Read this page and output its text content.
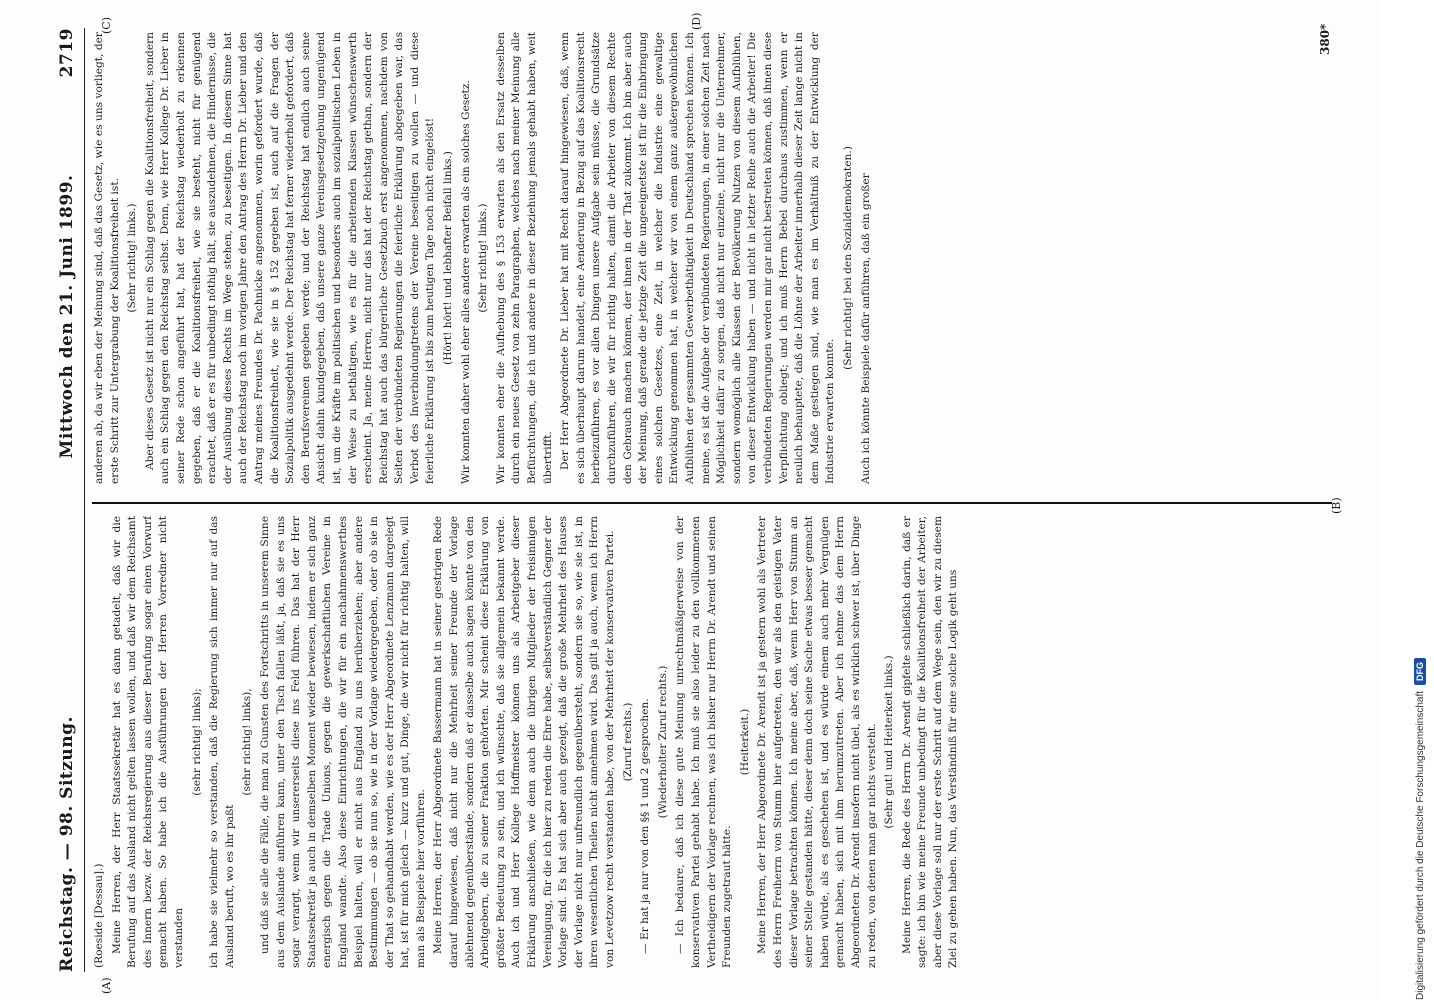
Reichstag. — 98. Sitzung.
Mittwoch den 21. Juni 1899.
2719
(A)
(B)
(C)	(D)

(Roeside [Dessau].) Meine Herren, der Herr Staatssekretär hat es dann getadelt, daß wir die Berufung auf das Ausland nicht gelten lassen wollen, und daß wir dem Reichsamt des Innern bezw. der Reichsregierung aus dieser Berufung sogar einen Vorwurf gemacht haben. So habe ich die Ausführungen der Herren Vorredner nicht verstanden

(sehr richtig! links); ich habe sie vielmehr so verstanden, daß die Regierung sich immer nur auf das Ausland beruft, wo es ihr paßt

(sehr richtig! links), und daß sie alle die Fälle, die man zu Gunsten des Fortschritts in unserem Sinne aus dem Auslande anführen kann, unter den Tisch fallen läßt, ja, daß sie es uns sogar verargt, wenn wir unsererseits diese ins Feld führen. Das hat der Herr Staatssekretär ja auch in demselben Moment wieder bewiesen, indem er sich ganz energisch gegen die Trade Unions, gegen die gewerkschaftlichen Vereine in England wandte. Also diese Einrichtungen, die wir für ein nachahmenswerthes Beispiel halten, will er nicht aus England zu uns herüberziehen; aber andere Bestimmungen — ob sie nun so, wie in der Vorlage wiedergegeben, oder ob sie in der That so gehandhabt werden, wie es der Herr Abgeordnete Lenzmann dargelegt hat, ist für mich gleich — kurz und gut, Dinge, die wir nicht für richtig halten, will man als Beispiele hier vorführen. Meine Herren, der Herr Abgeordnete Bassermann hat in seiner gestrigen Rede darauf hingewiesen, daß nicht nur die Mehrheit seiner Freunde der Vorlage ablehnend gegenüberstände, sondern daß er dasselbe auch sagen könnte von den Arbeitgebern, die zu seiner Fraktion gehörten. Mir scheint diese Erklärung von größter Bedeutung zu sein, und ich wünschte, daß sie allgemein bekannt werde. Auch ich und Herr Kollege Hoffmeister können uns als Arbeitgeber dieser Erklärung anschließen, wie denn auch die übrigen Mitglieder der freisinnigen Vereinigung, für die ich hier zu reden die Ehre habe, selbstverständlich Gegner der Vorlage sind. Es hat sich aber auch gezeigt, daß die große Mehrheit des Hauses der Vorlage nicht nur unfreundlich gegenübersteht, sondern sie so, wie sie ist, in ihren wesentlichen Theilen nicht annehmen wird. Das gilt ja auch, wenn ich Herrn von Levetzow recht verstanden habe, von der Mehrheit der konservativen Partei. (Zuruf rechts.) — Er hat ja nur von den §§ 1 und 2 gesprochen. (Wiederholter Zuruf rechts.) — Ich bedaure, daß ich diese gute Meinung unrechtmäßigerweise von der konservativen Partei gehabt habe. Ich muß sie also leider zu den vollkommenen Vertheidigern der Vorlage rechnen, was ich bisher nur Herrn Dr. Arendt und seinen Freunden zugetraut hätte.

(Heiterkeit.) Meine Herren, der Herr Abgeordnete Dr. Arendt ist ja gestern wohl als Vertreter des Herrn Freiherrn von Stumm hier aufgetreten, den wir als den geistigen Vater dieser Vorlage betrachten können. Ich meine aber, daß, wenn Herr von Stumm an seiner Stelle gestanden hätte, dieser denn doch seine Sache etwas besser gemacht haben würde, als es geschehen ist, und es würde einem auch mehr Vergnügen gemacht haben, sich mit ihm herumzutreten. Aber ich nehme das dem Herrn Abgeordneten Dr. Arendt insofern nicht übel, als es wirklich schwer ist, über Dinge zu reden, von denen man gar nichts versteht. (Sehr gut! und Heiterkeit links.) Meine Herren, die Rede des Herrn Dr. Arendt gipfelte schließlich darin, daß er sagte: ich bin wie meine Freunde unbedingt für die Koalitionsfreiheit der Arbeiter, aber diese Vorlage soll nur der erste Schritt auf dem Wege sein, den wir zu diesem Ziel zu gehen haben. Nun, das Verständniß für eine solche Logik geht uns

anderen ab, da wir eben der Meinung sind, daß das Gesetz, wie es uns vorliegt, der erste Schritt zur Untergrabung der Koalitionsfreiheit ist. (Sehr richtig! links.) Aber dieses Gesetz ist nicht nur ein Schlag gegen die Koalitionsfreiheit, sondern auch ein Schlag gegen den Reichstag selbst. Denn, wie Herr Kollege Dr. Lieber in seiner Rede schon angeführt hat, hat der Reichstag wiederholt zu erkennen gegeben, daß er die Koalitionsfreiheit, wie sie besteht, nicht für genügend erachtet, daß er es für unbedingt nöthig hält, sie auszudehnen, die Hindernisse, die der Ausübung dieses Rechts im Wege stehen, zu beseitigen. In diesem Sinne hat auch der Reichstag noch im vorigen Jahre den Antrag des Herrn Dr. Lieber und den Antrag meines Freundes Dr. Pachnicke angenommen, worin gefordert wurde, daß die Koalitionsfreiheit, wie sie in § 152 gegeben ist, auch auf die Fragen der Sozialpolitik ausgedehnt werde. Der Reichstag hat ferner wiederholt gefordert, daß den Berufsvereinen gegeben werde; und der Reichstag hat endlich auch seine Ansicht dahin kundgegeben, daß unsere ganze Vereinsgesetzgebung ungenügend ist, um die Kräfte im politischen und besonders auch im sozialpolitischen Leben in der Weise zu bethätigen, wie es für die arbeitenden Klassen wünschenswerth erscheint. Ja, meine Herren, nicht nur das hat der Reichstag gethan, sondern der Reichstag hat auch das bürgerliche Gesetzbuch erst angenommen, nachdem von Seiten der verbündeten Regierungen die feierliche Erklärung abgegeben war, das Verbot des Inverbindungtretens der Vereine beseitigen zu wollen — und diese feierliche Erklärung ist bis zum heutigen Tage noch nicht eingelöst! (Hört! hört! und lebhafter Beifall links.) Wir konnten daher wohl eher alles andere erwarten als ein solches Gesetz. (Sehr richtig! links.) Wir konnten eher die Aufhebung des § 153 erwarten als den Ersatz desselben durch ein neues Gesetz von zehn Paragraphen, welches nach meiner Meinung alle Befürchtungen, die ich und andere in dieser Beziehung jemals gehabt haben, weit übertrifft. Der Herr Abgeordnete Dr. Lieber hat mit Recht darauf hingewiesen, daß, wenn es sich überhaupt darum handelt, eine Aenderung in Bezug auf das Koalitionsrecht herbeizuführen, es vor allen Dingen unsere Aufgabe sein müsse, die Grundsätze durchzuführen, die wir für richtig halten, damit die Arbeiter von diesem Rechte den Gebrauch machen können, der ihnen in der That zukommt. Ich bin aber auch der Meinung, daß gerade die jetzige Zeit die ungeeignetste ist für die Einbringung eines solchen Gesetzes, eine Zeit, in welcher die Industrie eine gewaltige Entwicklung genommen hat, in welcher wir von einem ganz außergewöhnlichen Aufblühen der gesammten Gewerbethätigkeit in Deutschland sprechen können. Ich meine, es ist die Aufgabe der verbündeten Regierungen, in einer solchen Zeit nach Möglichkeit dafür zu sorgen, daß nicht nur einzelne, nicht nur die Unternehmer, sondern womöglich alle Klassen der Bevölkerung Nutzen von diesem Aufblühen, von dieser Entwicklung haben — und nicht in letzter Reihe auch die Arbeiter! Die verbündeten Regierungen werden mir gar nicht bestreiten können, daß ihnen diese Verpflichtung obliegt; und ich muß Herrn Bebel durchaus zustimmen, wenn er neulich behauptete, daß die Löhne der Arbeiter innerhalb dieser Zeit lange nicht in dem Maße gestiegen sind, wie man es im Verhältniß zu der Entwicklung der Industrie erwarten konnte.

(Sehr richtig! bei den Sozialdemokraten.) Auch ich könnte Beispiele dafür anführen, daß ein großer

380*
Digitalisierung gefördert durch die Deutsche Forschungsgemeinschaft
DFG
